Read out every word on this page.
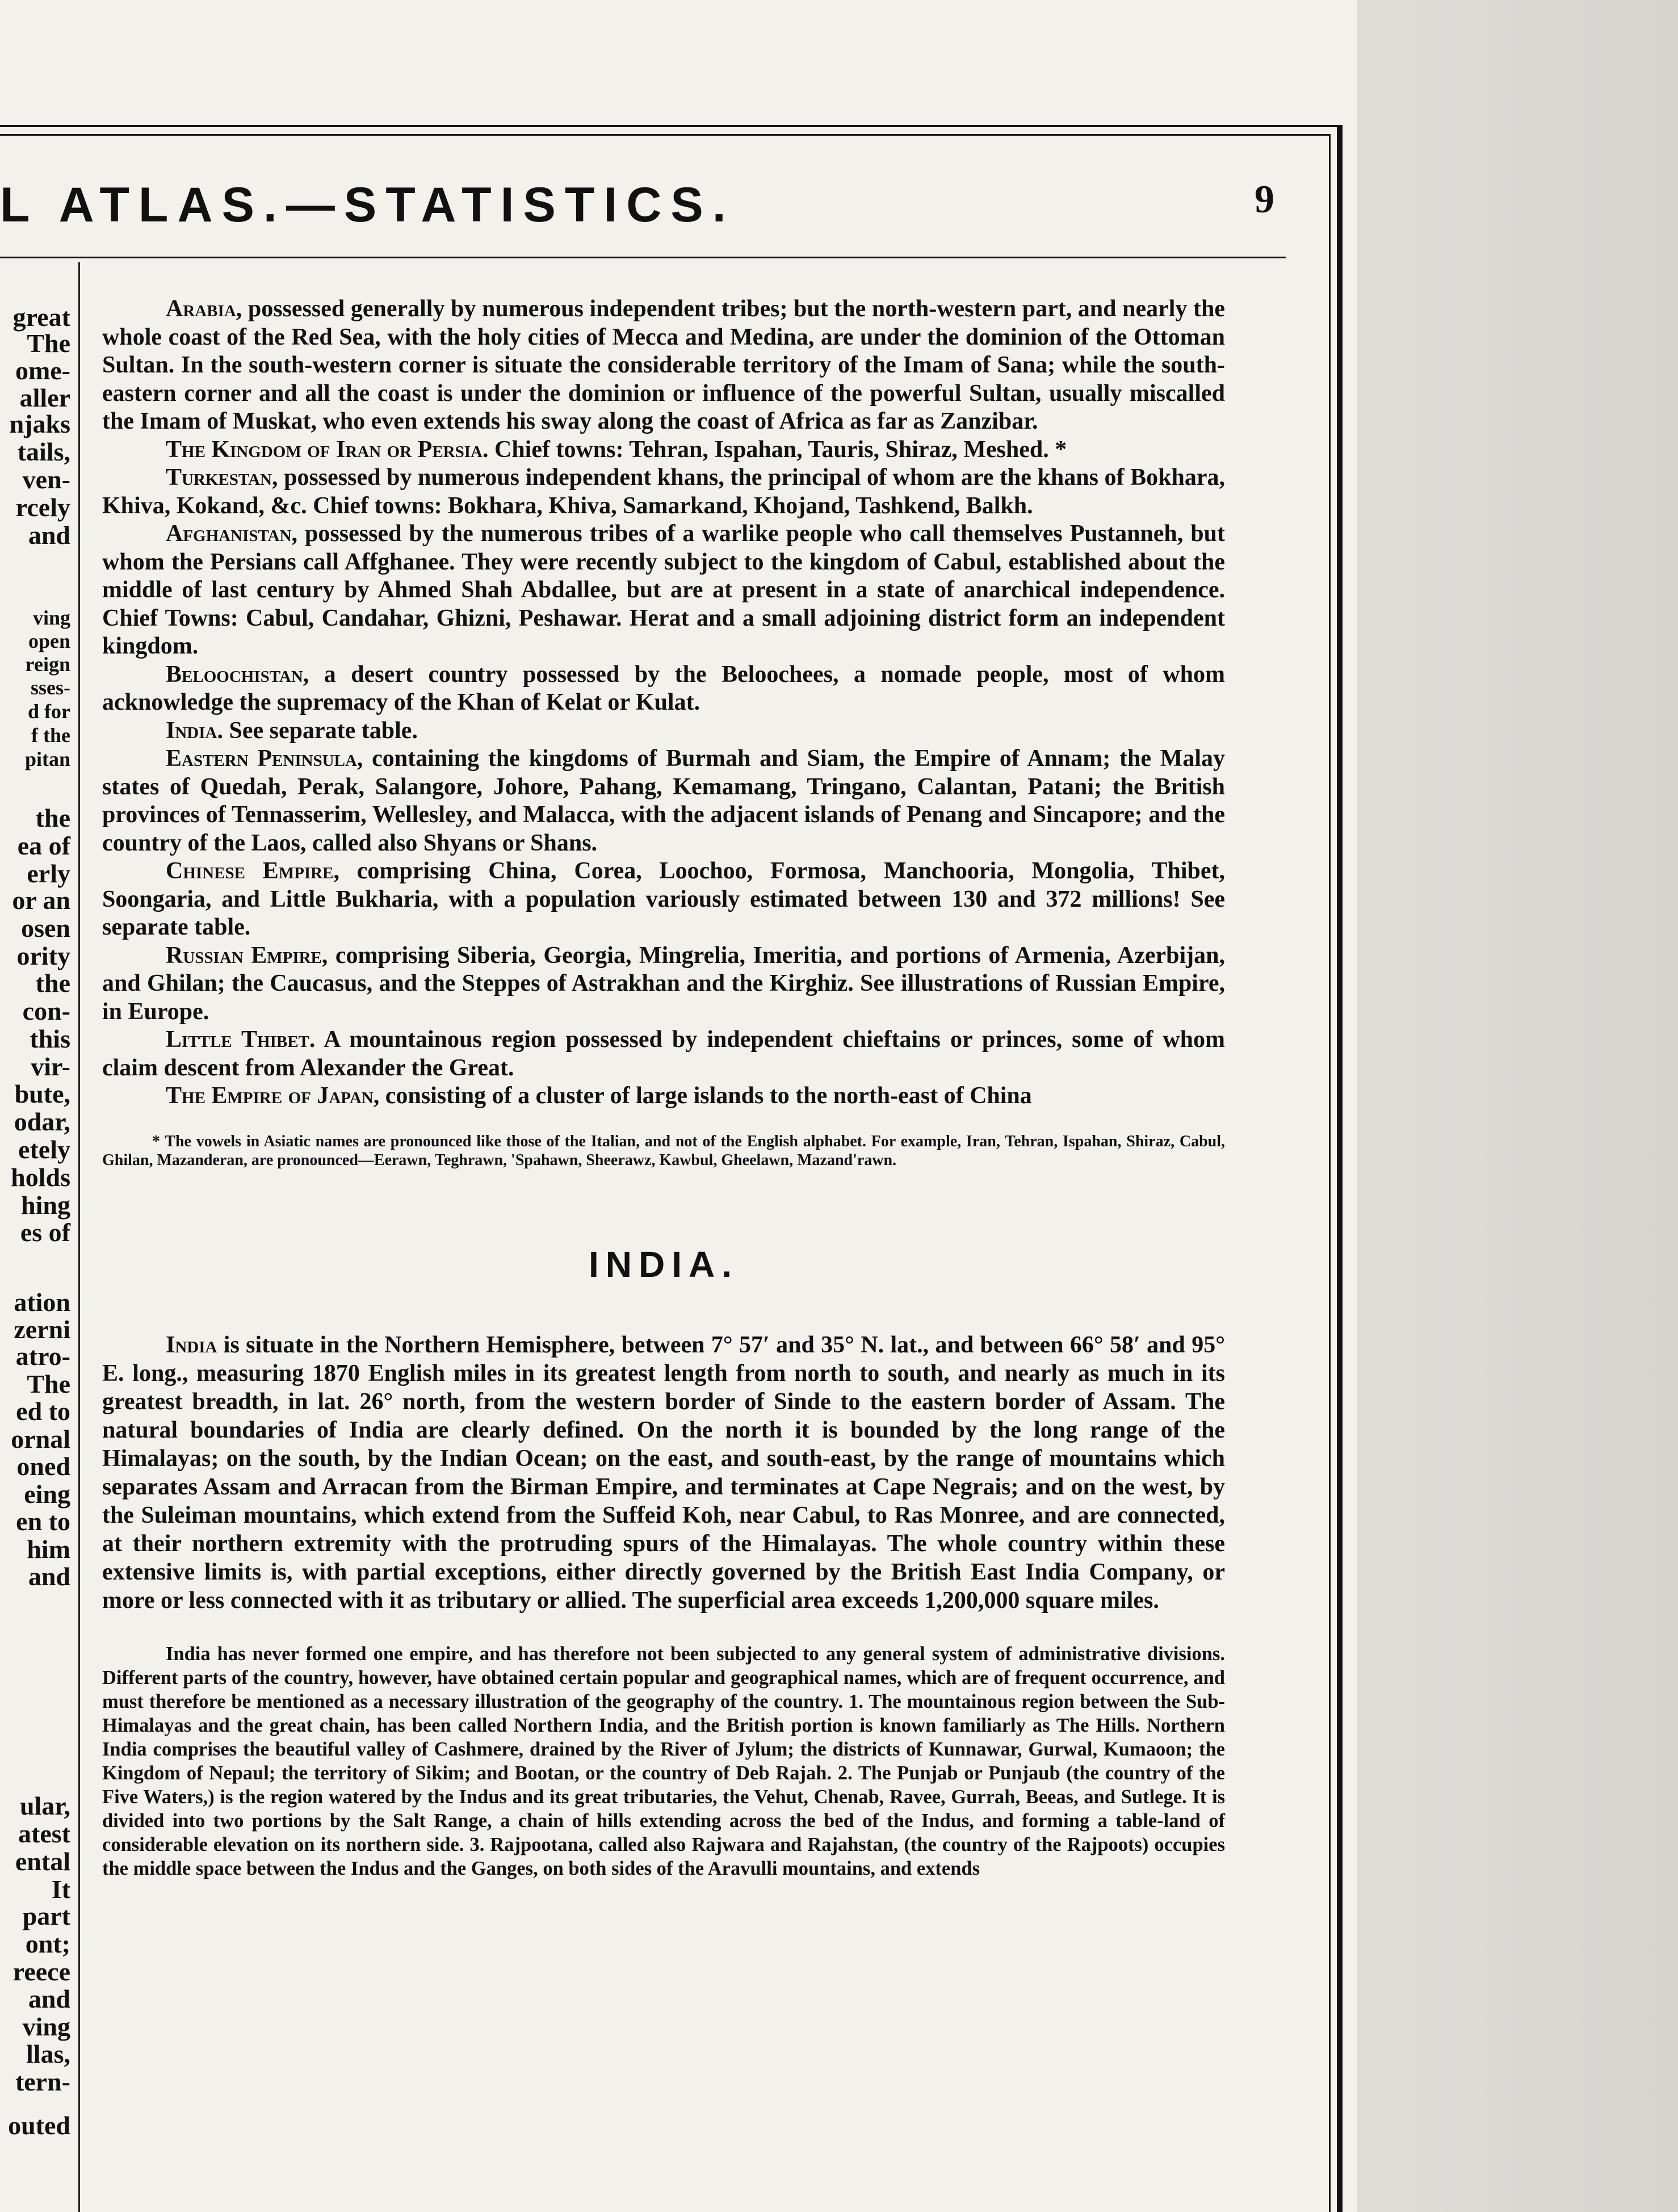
L ATLAS.—STATISTICS.	9
great
The
ome-
aller
njaks
tails,
ven-
rcely
and
ving
open
reign
sses-
d for
f the
pitan
the
ea of
erly
or an
osen
ority
the
con-
this
vir-
bute,
odar,
etely
holds
hing
es of
ation
zerni
atro-
The
ed to
ornal
oned
eing
en to
him
and
ular,
atest
ental
It
part
ont;
reece
and
ving
llas,
tern-
outed

Arabia, possessed generally by numerous independent tribes; but the north-western part, and nearly the whole coast of the Red Sea, with the holy cities of Mecca and Medina, are under the dominion of the Ottoman Sultan. In the south-western corner is situate the considerable territory of the Imam of Sana; while the south-eastern corner and all the coast is under the dominion or influence of the powerful Sultan, usually miscalled the Imam of Muskat, who even extends his sway along the coast of Africa as far as Zanzibar.

The Kingdom of Iran or Persia. Chief towns: Tehran, Ispahan, Tauris, Shiraz, Meshed. *

Turkestan, possessed by numerous independent khans, the principal of whom are the khans of Bokhara, Khiva, Kokand, &c. Chief towns: Bokhara, Khiva, Samarkand, Khojand, Tashkend, Balkh.

Afghanistan, possessed by the numerous tribes of a warlike people who call themselves Pustanneh, but whom the Persians call Affghanee. They were recently subject to the kingdom of Cabul, established about the middle of last century by Ahmed Shah Abdallee, but are at present in a state of anarchical independence. Chief Towns: Cabul, Candahar, Ghizni, Peshawar. Herat and a small adjoining district form an independent kingdom.

Beloochistan, a desert country possessed by the Beloochees, a nomade people, most of whom acknowledge the supremacy of the Khan of Kelat or Kulat.

India. See separate table.

Eastern Peninsula, containing the kingdoms of Burmah and Siam, the Empire of Annam; the Malay states of Quedah, Perak, Salangore, Johore, Pahang, Kemamang, Tringano, Calantan, Patani; the British provinces of Tennasserim, Wellesley, and Malacca, with the adjacent islands of Penang and Sincapore; and the country of the Laos, called also Shyans or Shans.

Chinese Empire, comprising China, Corea, Loochoo, Formosa, Manchooria, Mongolia, Thibet, Soongaria, and Little Bukharia, with a population variously estimated between 130 and 372 millions! See separate table.

Russian Empire, comprising Siberia, Georgia, Mingrelia, Imeritia, and portions of Armenia, Azerbijan, and Ghilan; the Caucasus, and the Steppes of Astrakhan and the Kirghiz. See illustrations of Russian Empire, in Europe.

Little Thibet. A mountainous region possessed by independent chieftains or princes, some of whom claim descent from Alexander the Great.

The Empire of Japan, consisting of a cluster of large islands to the north-east of China

* The vowels in Asiatic names are pronounced like those of the Italian, and not of the English alphabet. For example, Iran, Tehran, Ispahan, Shiraz, Cabul, Ghilan, Mazanderan, are pronounced—Eerawn, Teghrawn, 'Spahawn, Sheerawz, Kawbul, Gheelawn, Mazand'rawn.

INDIA.

India is situate in the Northern Hemisphere, between 7° 57′ and 35° N. lat., and between 66° 58′ and 95° E. long., measuring 1870 English miles in its greatest length from north to south, and nearly as much in its greatest breadth, in lat. 26° north, from the western border of Sinde to the eastern border of Assam. The natural boundaries of India are clearly defined. On the north it is bounded by the long range of the Himalayas; on the south, by the Indian Ocean; on the east, and south-east, by the range of mountains which separates Assam and Arracan from the Birman Empire, and terminates at Cape Negrais; and on the west, by the Suleiman mountains, which extend from the Suffeid Koh, near Cabul, to Ras Monree, and are connected, at their northern extremity with the protruding spurs of the Himalayas. The whole country within these extensive limits is, with partial exceptions, either directly governed by the British East India Company, or more or less connected with it as tributary or allied. The superficial area exceeds 1,200,000 square miles.

India has never formed one empire, and has therefore not been subjected to any general system of administrative divisions. Different parts of the country, however, have obtained certain popular and geographical names, which are of frequent occurrence, and must therefore be mentioned as a necessary illustration of the geography of the country. 1. The mountainous region between the Sub-Himalayas and the great chain, has been called Northern India, and the British portion is known familiarly as The Hills. Northern India comprises the beautiful valley of Cashmere, drained by the River of Jylum; the districts of Kunnawar, Gurwal, Kumaoon; the Kingdom of Nepaul; the territory of Sikim; and Bootan, or the country of Deb Rajah. 2. The Punjab or Punjaub (the country of the Five Waters,) is the region watered by the Indus and its great tributaries, the Vehut, Chenab, Ravee, Gurrah, Beeas, and Sutlege. It is divided into two portions by the Salt Range, a chain of hills extending across the bed of the Indus, and forming a table-land of considerable elevation on its northern side. 3. Rajpootana, called also Rajwara and Rajahstan, (the country of the Rajpoots) occupies the middle space between the Indus and the Ganges, on both sides of the Aravulli mountains, and extends
